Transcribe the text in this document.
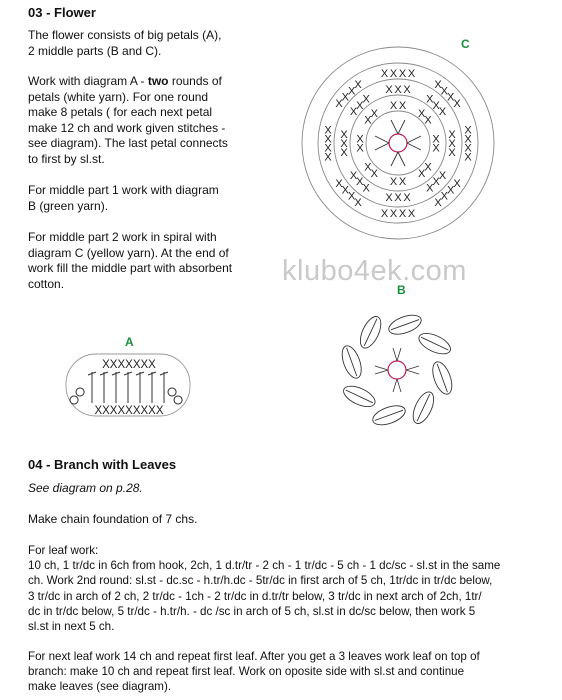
03 - Flower
The flower consists of big petals (A),
2 middle parts (B and C).
Work with diagram A - two rounds of
petals (white yarn). For one round
make 8 petals ( for each next petal
make 12 ch and work given stitches -
see diagram). The last petal connects
to first by sl.st.
For middle part 1 work with diagram
B (green yarn).
For middle part 2 work in spiral with
diagram C (yellow yarn). At the end of
work fill the middle part with absorbent
cotton.
C
X X
X X X
X X X X
X
X
X
X
X
X
X
X
X
X
X
X
X
X
X
X
X
X
X
X X
X
X X
X
X
X
X
X
X
X
X
X
X
X
X
X
X
X
X
X
X
X
X
X
X
X
X
X
X
X
X
X
X
X
X
X
X
X
X
X
X
X
klubo4ek.com
B
A
XXXXXXX
XXXXXXXXX
04 - Branch with Leaves
See diagram on p.28.
Make chain foundation of 7 chs.
For leaf work:
10 ch, 1 tr/dc in 6ch from hook, 2ch, 1 d.tr/tr - 2 ch - 1 tr/dc - 5 ch - 1 dc/sc - sl.st in the same
ch. Work 2nd round: sl.st - dc.sc - h.tr/h.dc - 5tr/dc in first arch of 5 ch, 1tr/dc in tr/dc below,
3 tr/dc in arch of 2 ch, 2 tr/dc - 1ch - 2 tr/dc in d.tr/tr below, 3 tr/dc in next arch of 2ch, 1tr/
dc in tr/dc below, 5 tr/dc - h.tr/h. - dc /sc in arch of 5 ch, sl.st in dc/sc below, then work 5
sl.st in next 5 ch.
For next leaf work 14 ch and repeat first leaf. After you get a 3 leaves work leaf on top of
branch: make 10 ch and repeat first leaf. Work on oposite side with sl.st and continue
make leaves (see diagram).
